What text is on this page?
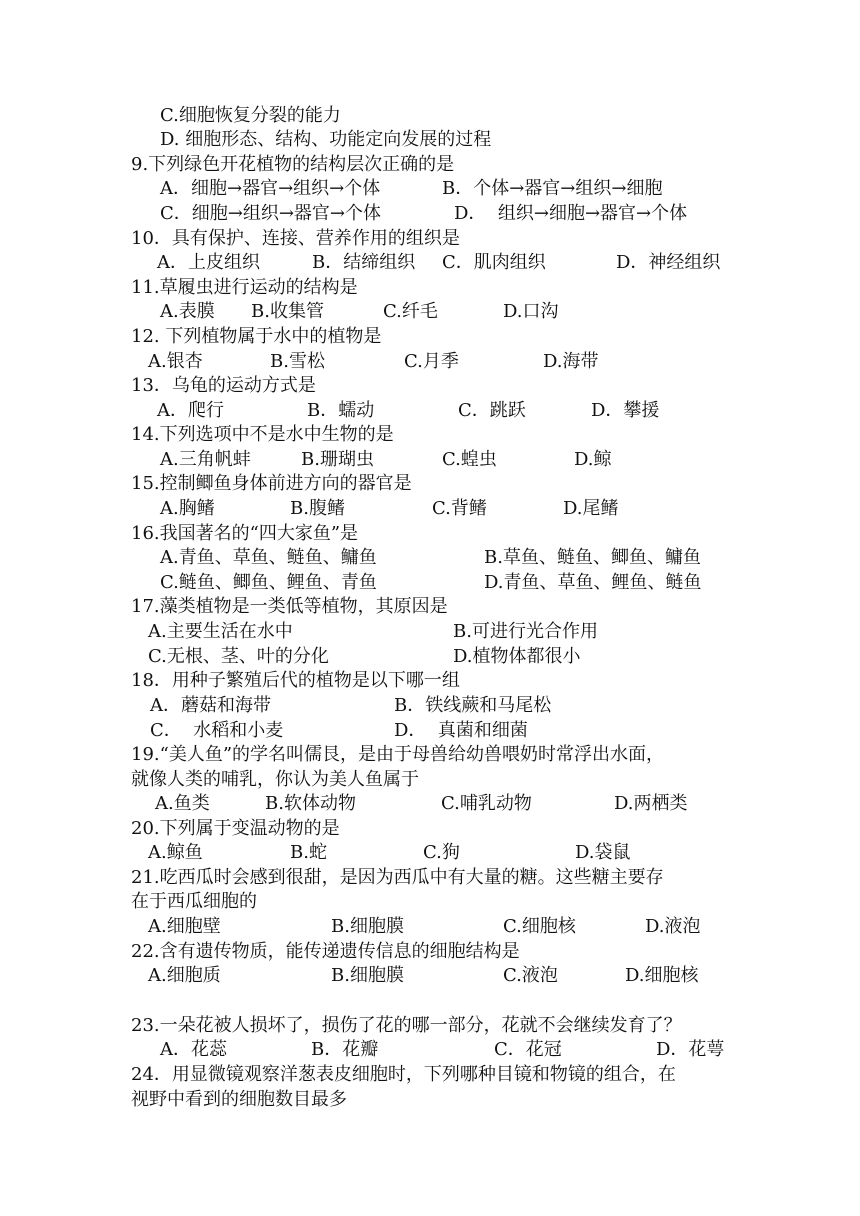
C.细胞恢复分裂的能力
D. 细胞形态、结构、功能定向发展的过程
9.下列绿色开花植物的结构层次正确的是
A．细胞→器官→组织→个体	B．个体→器官→组织→细胞
C．细胞→组织→器官→个体	D．  组织→细胞→器官→个体
10．具有保护、连接、营养作用的组织是
A．上皮组织	B．结缔组织 C．肌肉组织	D．神经组织
11.草履虫进行运动的结构是
A.表膜 B.收集管	C.纤毛	D.口沟
12. 下列植物属于水中的植物是
A.银杏	B.雪松	C.月季	D.海带
13．乌龟的运动方式是
A．爬行	B．蠕动	C．跳跃	D．攀援
14.下列选项中不是水中生物的是
A.三角帆蚌	B.珊瑚虫	C.蝗虫	D.鲸
15.控制鲫鱼身体前进方向的器官是
A.胸鳍	B.腹鳍	C.背鳍	D.尾鳍
16.我国著名的“四大家鱼”是
A.青鱼、草鱼、鲢鱼、鳙鱼	B.草鱼、鲢鱼、鲫鱼、鳙鱼
C.鲢鱼、鲫鱼、鲤鱼、青鱼	D.青鱼、草鱼、鲤鱼、鲢鱼
17.藻类植物是一类低等植物，其原因是
A.主要生活在水中	B.可进行光合作用
C.无根、茎、叶的分化	D.植物体都很小
18．用种子繁殖后代的植物是以下哪一组
A．蘑菇和海带	B．铁线蕨和马尾松
C．  水稻和小麦	D．  真菌和细菌
19.“美人鱼”的学名叫儒艮，是由于母兽给幼兽喂奶时常浮出水面，
就像人类的哺乳，你认为美人鱼属于
A.鱼类	B.软体动物	C.哺乳动物	D.两栖类
20.下列属于变温动物的是
A.鲸鱼	B.蛇	C.狗	D.袋鼠
21.吃西瓜时会感到很甜，是因为西瓜中有大量的糖。这些糖主要存
在于西瓜细胞的
A.细胞壁	B.细胞膜	C.细胞核	D.液泡
22.含有遗传物质，能传递遗传信息的细胞结构是
A.细胞质	B.细胞膜	C.液泡	D.细胞核
23.一朵花被人损坏了，损伤了花的哪一部分，花就不会继续发育了？
A．花蕊	B．花瓣	C．花冠	D．花萼
24．用显微镜观察洋葱表皮细胞时，下列哪种目镜和物镜的组合，在
视野中看到的细胞数目最多
